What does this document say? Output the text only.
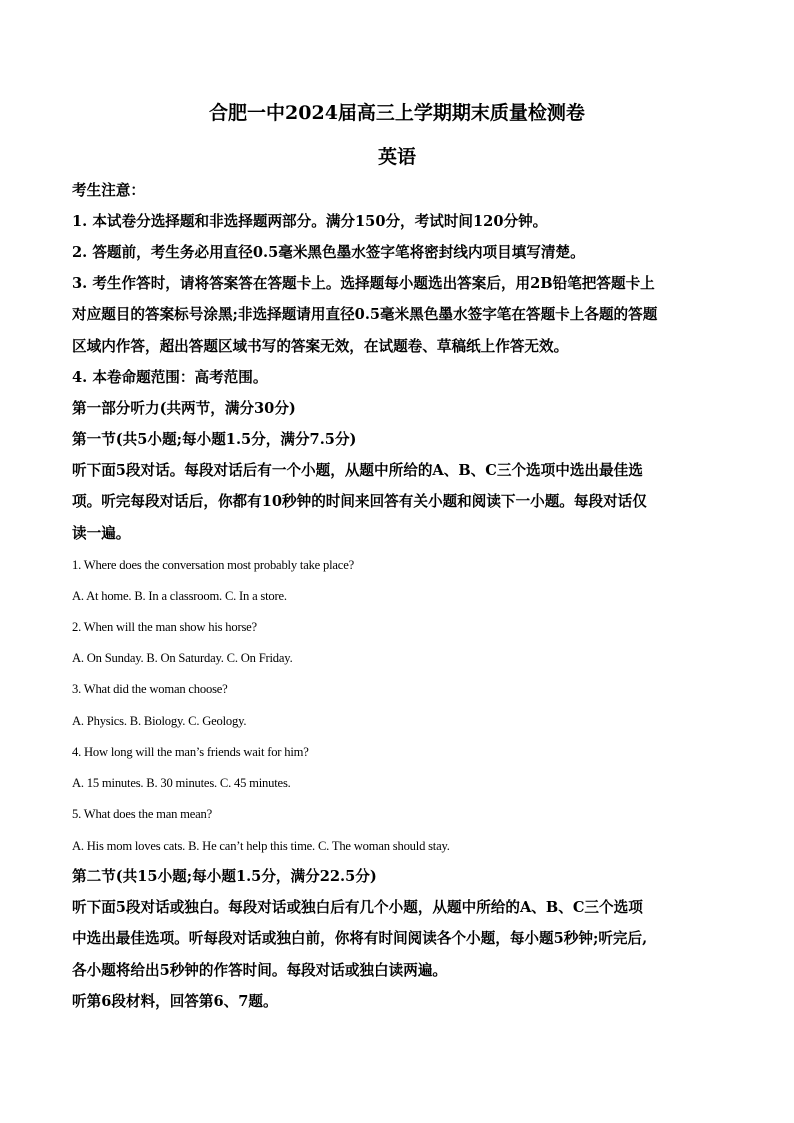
合肥一中2024届高三上学期期末质量检测卷
英语
考生注意：
1. 本试卷分选择题和非选择题两部分。满分150分，考试时间120分钟。
2. 答题前，考生务必用直径0.5毫米黑色墨水签字笔将密封线内项目填写清楚。
3. 考生作答时，请将答案答在答题卡上。选择题每小题选出答案后，用2B铅笔把答题卡上
对应题目的答案标号涂黑;非选择题请用直径0.5毫米黑色墨水签字笔在答题卡上各题的答题
区域内作答，超出答题区域书写的答案无效，在试题卷、草稿纸上作答无效。
4. 本卷命题范围：高考范围。
第一部分听力(共两节，满分30分)
第一节(共5小题;每小题1.5分，满分7.5分)
听下面5段对话。每段对话后有一个小题，从题中所给的A、B、C三个选项中选出最佳选
项。听完每段对话后，你都有10秒钟的时间来回答有关小题和阅读下一小题。每段对话仅
读一遍。
1. Where does the conversation most probably take place?
A. At home. B. In a classroom. C. In a store.
2. When will the man show his horse?
A. On Sunday. B. On Saturday. C. On Friday.
3. What did the woman choose?
A. Physics. B. Biology. C. Geology.
4. How long will the man’s friends wait for him?
A. 15 minutes. B. 30 minutes. C. 45 minutes.
5. What does the man mean?
A. His mom loves cats. B. He can’t help this time. C. The woman should stay.
第二节(共15小题;每小题1.5分，满分22.5分)
听下面5段对话或独白。每段对话或独白后有几个小题，从题中所给的A、B、C三个选项
中选出最佳选项。听每段对话或独白前，你将有时间阅读各个小题，每小题5秒钟;听完后,
各小题将给出5秒钟的作答时间。每段对话或独白读两遍。
听第6段材料，回答第6、7题。
